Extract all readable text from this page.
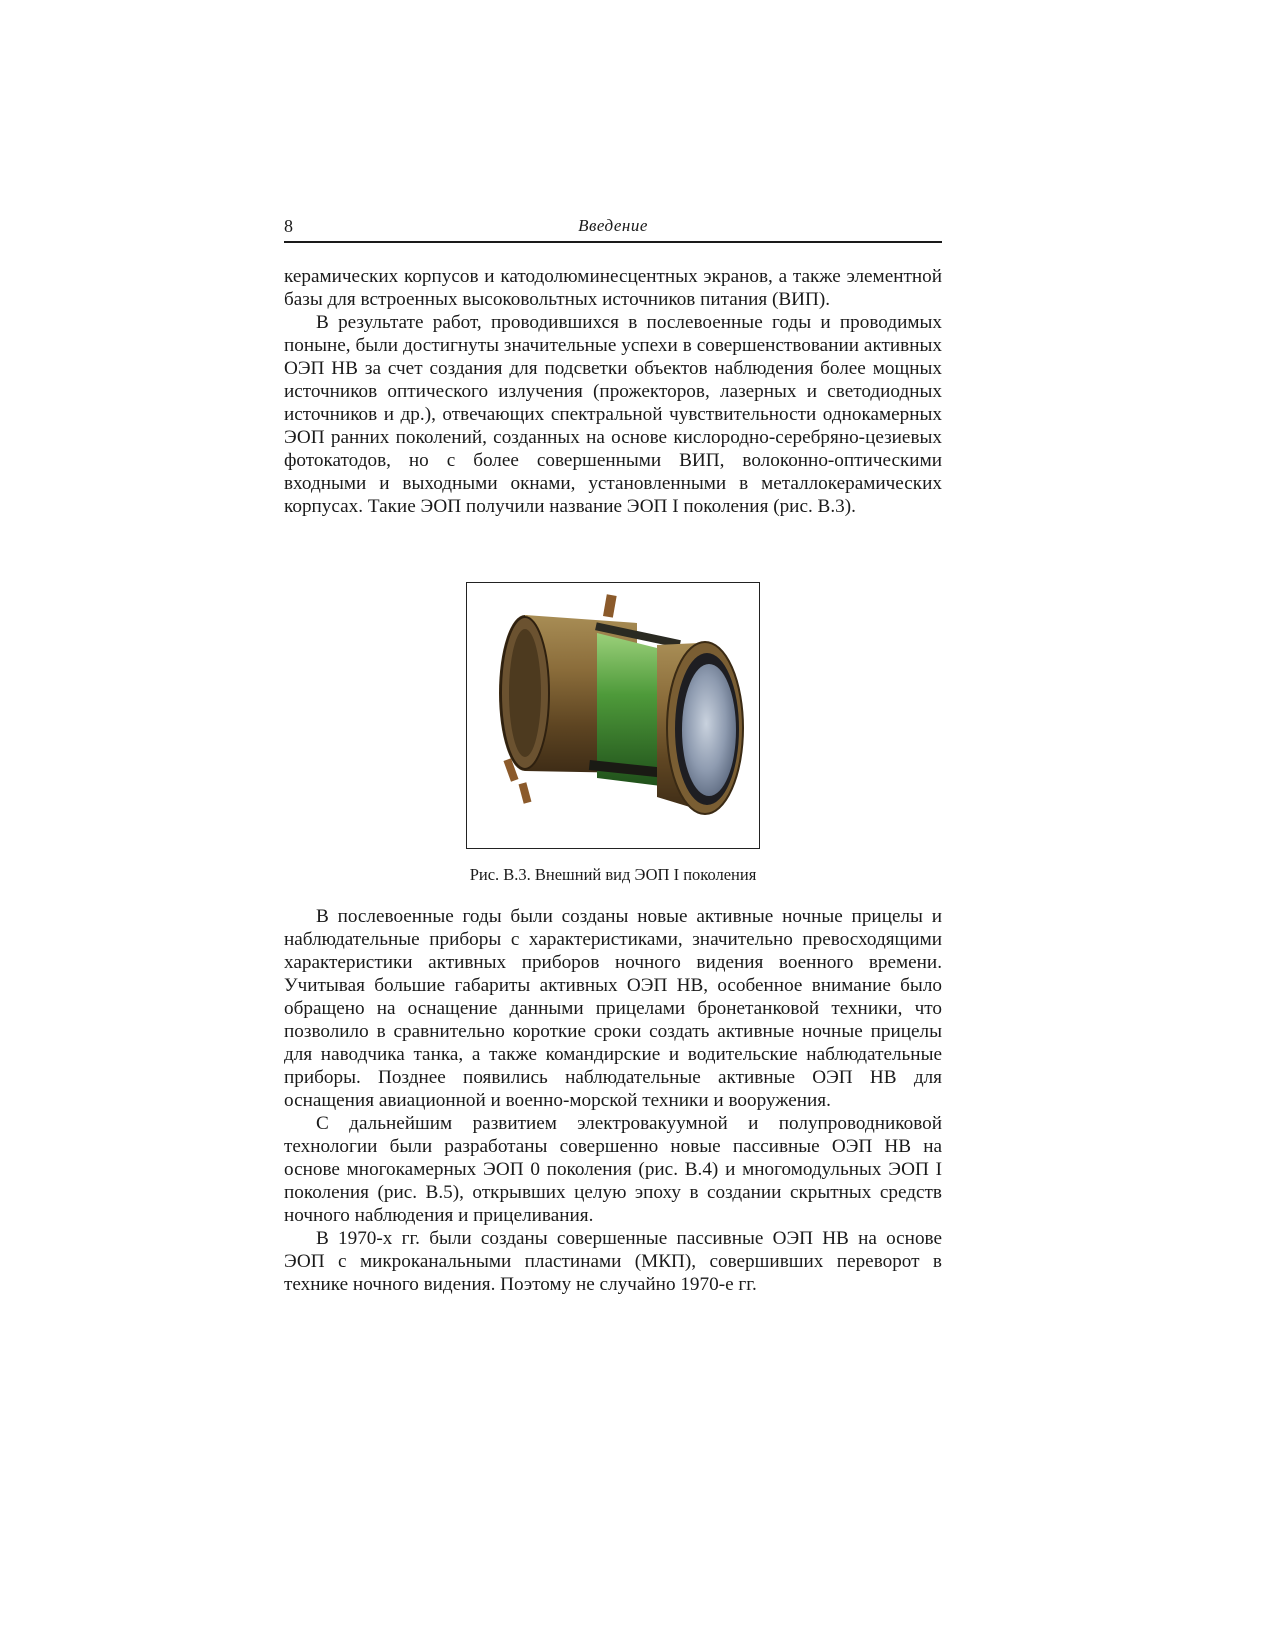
8	Введение

керамических корпусов и катодолюминесцентных экранов, а также элементной базы для встроенных высоковольтных источников питания (ВИП).

В результате работ, проводившихся в послевоенные годы и проводимых поныне, были достигнуты значительные успехи в совершенствовании активных ОЭП НВ за счет создания для подсветки объектов наблюдения более мощных источников оптического излучения (прожекторов, лазерных и светодиодных источников и др.), отвечающих спектральной чувствительности однокамерных ЭОП ранних поколений, созданных на основе кислородно-серебряно-цезиевых фотокатодов, но с более совершенными ВИП, волоконно-оптическими входными и выходными окнами, установленными в металлокерамических корпусах. Такие ЭОП получили название ЭОП I поколения (рис. В.3).

Рис. В.3. Внешний вид ЭОП I поколения

В послевоенные годы были созданы новые активные ночные прицелы и наблюдательные приборы с характеристиками, значительно превосходящими характеристики активных приборов ночного видения военного времени. Учитывая большие габариты активных ОЭП НВ, особенное внимание было обращено на оснащение данными прицелами бронетанковой техники, что позволило в сравнительно короткие сроки создать активные ночные прицелы для наводчика танка, а также командирские и водительские наблюдательные приборы. Позднее появились наблюдательные активные ОЭП НВ для оснащения авиационной и военно-морской техники и вооружения.

С дальнейшим развитием электровакуумной и полупроводниковой технологии были разработаны совершенно новые пассивные ОЭП НВ на основе многокамерных ЭОП 0 поколения (рис. В.4) и многомодульных ЭОП I поколения (рис. В.5), открывших целую эпоху в создании скрытных средств ночного наблюдения и прицеливания.

В 1970-х гг. были созданы совершенные пассивные ОЭП НВ на основе ЭОП с микроканальными пластинами (МКП), совершивших переворот в технике ночного видения. Поэтому не случайно 1970-е гг.
